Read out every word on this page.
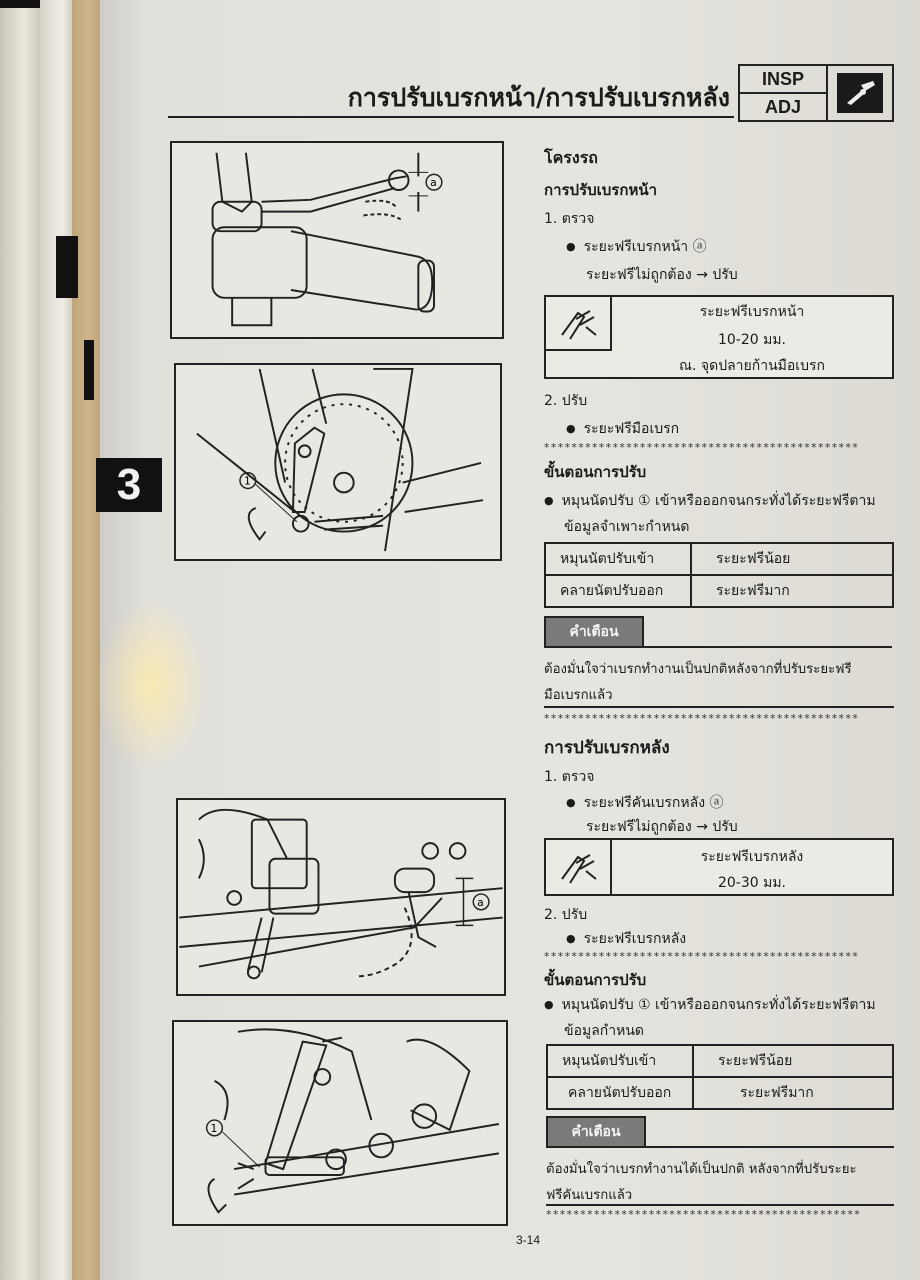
3
การปรับเบรกหน้า/การปรับเบรกหลัง
INSP
ADJ
a
1
a
1
โครงรถ
การปรับเบรกหน้า
1. ตรวจ
● ระยะฟรีเบรกหน้า ⓐ
ระยะฟรีไม่ถูกต้อง → ปรับ
ระยะฟรีเบรกหน้า
10-20 มม.
ณ. จุดปลายก้านมือเบรก
2. ปรับ
● ระยะฟรีมือเบรก
**********************************************
ขั้นตอนการปรับ
● หมุนนัดปรับ ① เข้าหรือออกจนกระทั่งได้ระยะฟรีตาม
ข้อมูลจำเพาะกำหนด
หมุนนัตปรับเข้า	ระยะฟรีน้อย
คลายนัตปรับออก	ระยะฟรีมาก
คำเตือน
ต้องมั่นใจว่าเบรกทำงานเป็นปกติหลังจากที่ปรับระยะฟรี
มือเบรกแล้ว
**********************************************
การปรับเบรกหลัง
1. ตรวจ
● ระยะฟรีคันเบรกหลัง ⓐ
ระยะฟรีไม่ถูกต้อง → ปรับ
ระยะฟรีเบรกหลัง
20-30 มม.
2. ปรับ
● ระยะฟรีเบรกหลัง
**********************************************
ขั้นตอนการปรับ
● หมุนนัดปรับ ① เข้าหรือออกจนกระทั่งได้ระยะฟรีตาม
ข้อมูลกำหนด
หมุนนัตปรับเข้า	ระยะฟรีน้อย
คลายนัตปรับออก	ระยะฟรีมาก
คำเตือน
ต้องมั่นใจว่าเบรกทำงานได้เป็นปกติ หลังจากที่ปรับระยะ
ฟรีคันเบรกแล้ว
**********************************************
3-14
